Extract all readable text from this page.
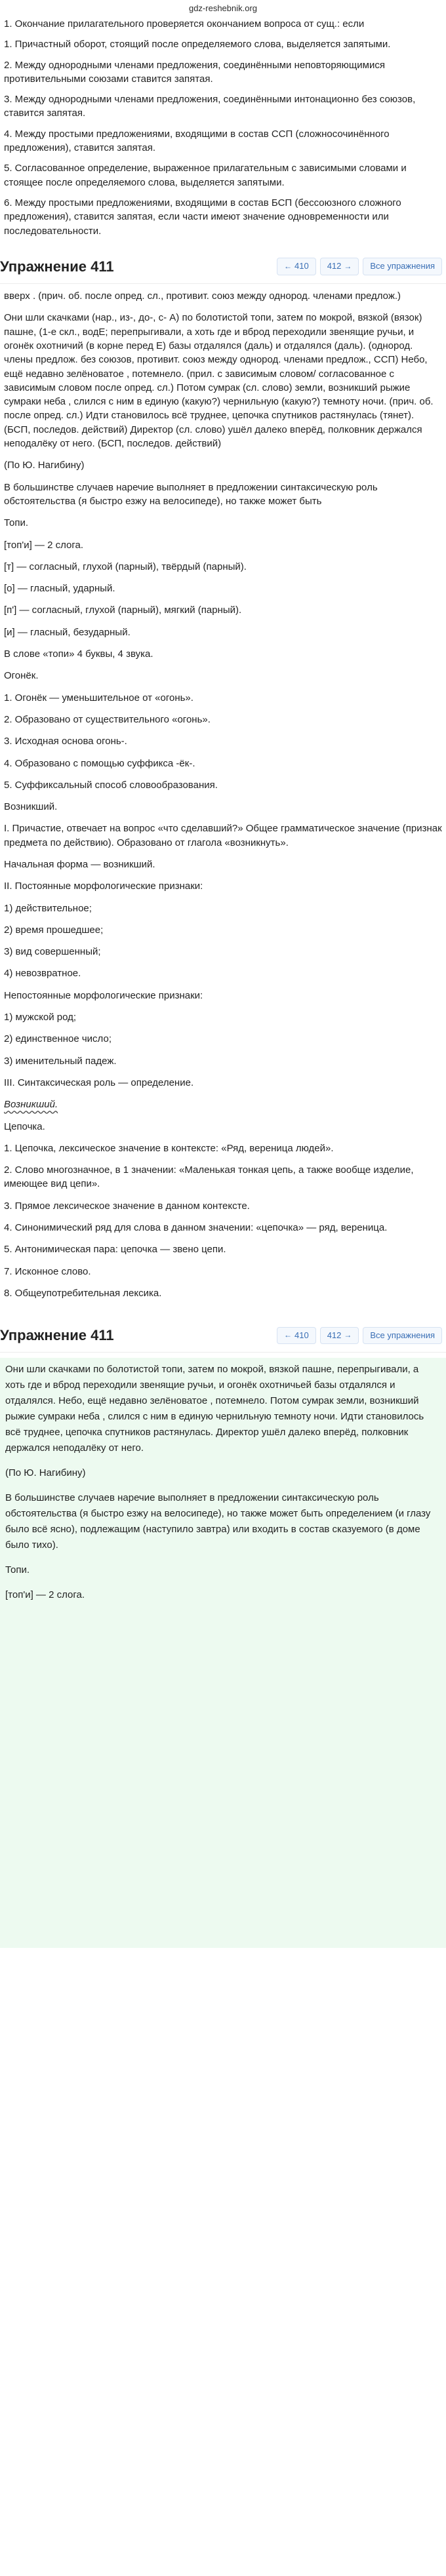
gdz-reshebnik.org

1. Окончание прилагательного проверяется окончанием вопроса от сущ.: если

1. Причастный оборот, стоящий после определяемого слова, выделяется запятыми.

2. Между однородными членами предложения, соединёнными неповторяющимися противительными союзами ставится запятая.

3. Между однородными членами предложения, соединёнными интонационно без союзов, ставится запятая.

4. Между простыми предложениями, входящими в состав ССП (сложносочинённого предложения), ставится запятая.

5. Согласованное определение, выраженное прилагательным с зависимыми словами и стоящее после определяемого слова, выделяется запятыми.

6. Между простыми предложениями, входящими в состав БСП (бессоюзного сложного предложения), ставится запятая, если части имеют значение одновременности или последовательности.

Упражнение 411	← 410 412 →	Все упражнения

вверх . (прич. об. после опред. сл., противит. союз между однород. членами предлож.)

Они шли скачками (нар., из-, до-, с- А) по болотистой топи, затем по мокрой, вязкой (вязок) пашне, (1-е скл., водЕ; перепрыгивали, а хоть где и вброд переходили звенящие ручьи, и огонёк охотничий (в корне перед Е) базы отдалялся (даль) и отдалялся (даль). (однород. члены предлож. без союзов, противит. союз между однород. членами предлож., ССП) Небо, ещё недавно зелёноватое , потемнело. (прил. с зависимым словом/ согласованное с зависимым словом после опред. сл.) Потом сумрак (сл. слово) земли, возникший рыжие сумраки неба , слился с ним в единую (какую?) чернильную (какую?) темноту ночи. (прич. об. после опред. сл.) Идти становилось всё труднее, цепочка спутников растянулась (тянет). (БСП, последов. действий) Директор (сл. слово) ушёл далеко вперёд, полковник держался неподалёку от него. (БСП, последов. действий)

(По Ю. Нагибину)

В большинстве случаев наречие выполняет в предложении синтаксическую роль обстоятельства (я быстро езжу на велосипеде), но также может быть

Топи.

[топ'и] — 2 слога.

[т] — согласный, глухой (парный), твёрдый (парный).

[о] — гласный, ударный.

[п'] — согласный, глухой (парный), мягкий (парный).

[и] — гласный, безударный.

В слове «топи» 4 буквы, 4 звука.

Огонёк.

1. Огонёк — уменьшительное от «огонь».

2. Образовано от существительного «огонь».

3. Исходная основа огонь-.

4. Образовано с помощью суффикса -ёк-.

5. Суффиксальный способ словообразования.

Возникший.

I. Причастие, отвечает на вопрос «что сделавший?» Общее грамматическое значение (признак предмета по действию). Образовано от глагола «возникнуть».

Начальная форма — возникший.

II. Постоянные морфологические признаки:

1) действительное;

2) время прошедшее;

3) вид совершенный;

4) невозвратное.

Непостоянные морфологические признаки:

1) мужской род;

2) единственное число;

3) именительный падеж.

III. Синтаксическая роль — определение.

Возникший.

Цепочка.

1. Цепочка, лексическое значение в контексте: «Ряд, вереница людей».

2. Слово многозначное, в 1 значении: «Маленькая тонкая цепь, а также вообще изделие, имеющее вид цепи».

3. Прямое лексическое значение в данном контексте.

4. Синонимический ряд для слова в данном значении: «цепочка» — ряд, вереница.

5. Антонимическая пара: цепочка — звено цепи.

7. Исконное слово.

8. Общеупотребительная лексика.

Упражнение 411	← 410 412 →	Все упражнения

Они шли скачками по болотистой топи, затем по мокрой, вязкой пашне, перепрыгивали, а хоть где и вброд переходили звенящие ручьи, и огонёк охотничьей базы отдалялся и отдалялся. Небо, ещё недавно зелёноватое , потемнело. Потом сумрак земли, возникший рыжие сумраки неба , слился с ним в единую чернильную темноту ночи. Идти становилось всё труднее, цепочка спутников растянулась. Директор ушёл далеко вперёд, полковник держался неподалёку от него.

(По Ю. Нагибину)

В большинстве случаев наречие выполняет в предложении синтаксическую роль обстоятельства (я быстро езжу на велосипеде), но также может быть определением (и глазу было всё ясно), подлежащим (наступило завтра) или входить в состав сказуемого (в доме было тихо).

Топи.

[топ'и] — 2 слога.
